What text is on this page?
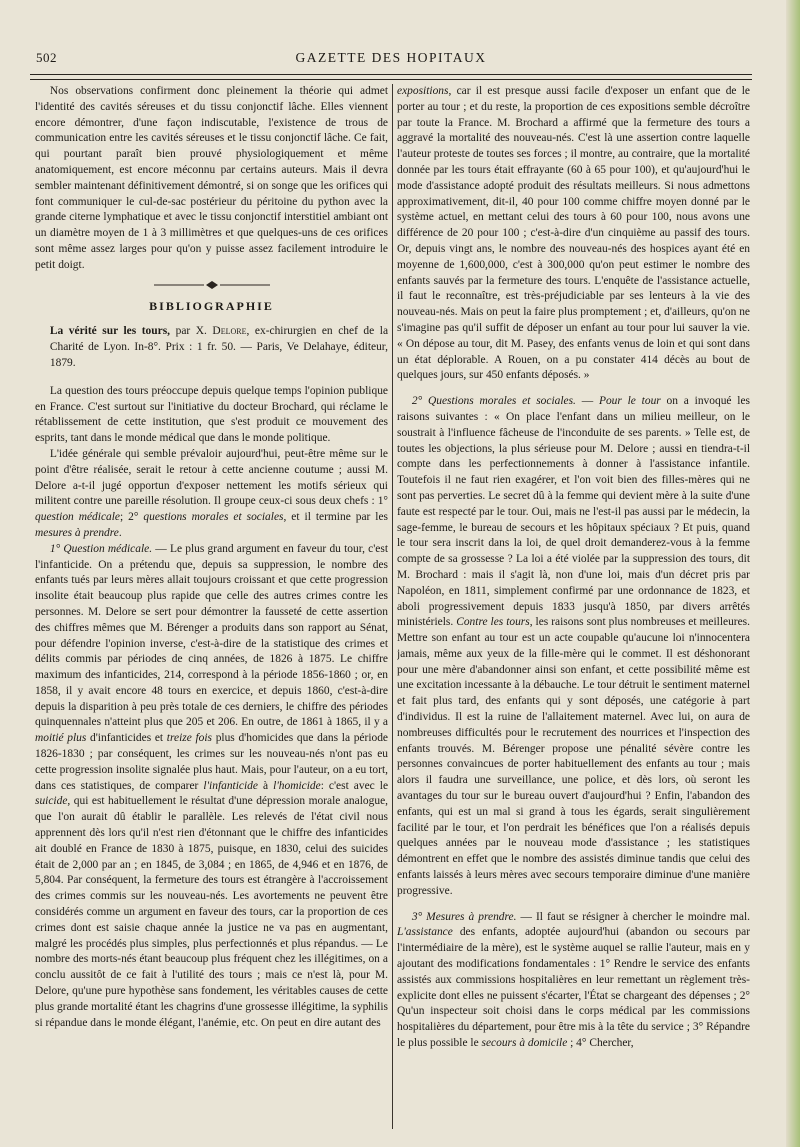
502	GAZETTE DES HOPITAUX

Nos observations confirment donc pleinement la théorie qui admet l'identité des cavités séreuses et du tissu conjonctif lâche. Elles viennent encore démontrer, d'une façon indiscutable, l'existence de trous de communication entre les cavités séreuses et le tissu conjonctif lâche. Ce fait, qui pourtant paraît bien prouvé physiologiquement et même anatomiquement, est encore méconnu par certains auteurs. Mais il devra sembler maintenant définitivement démontré, si on songe que les orifices qui font communiquer le cul-de-sac postérieur du péritoine du python avec la grande citerne lymphatique et avec le tissu conjonctif interstitiel ambiant ont un diamètre moyen de 1 à 3 millimètres et que quelques-uns de ces orifices sont même assez larges pour qu'on y puisse assez facilement introduire le petit doigt.

BIBLIOGRAPHIE

La vérité sur les tours, par X. Delore, ex-chirurgien en chef de la Charité de Lyon. In-8°. Prix : 1 fr. 50. — Paris, Ve Delahaye, éditeur, 1879.

La question des tours préoccupe depuis quelque temps l'opinion publique en France. C'est surtout sur l'initiative du docteur Brochard, qui réclame le rétablissement de cette institution, que s'est produit ce mouvement des esprits, tant dans le monde médical que dans le monde politique.

L'idée générale qui semble prévaloir aujourd'hui, peut-être même sur le point d'être réalisée, serait le retour à cette ancienne coutume ; aussi M. Delore a-t-il jugé opportun d'exposer nettement les motifs sérieux qui militent contre une pareille résolution. Il groupe ceux-ci sous deux chefs : 1° question médicale; 2° questions morales et sociales, et il termine par les mesures à prendre.

1° Question médicale. — Le plus grand argument en faveur du tour, c'est l'infanticide. On a prétendu que, depuis sa suppression, le nombre des enfants tués par leurs mères allait toujours croissant et que cette progression insolite était beaucoup plus rapide que celle des autres crimes contre les personnes. M. Delore se sert pour démontrer la fausseté de cette assertion des chiffres mêmes que M. Bérenger a produits dans son rapport au Sénat, pour défendre l'opinion inverse, c'est-à-dire de la statistique des crimes et délits commis par périodes de cinq années, de 1826 à 1875. Le chiffre maximum des infanticides, 214, correspond à la période 1856-1860 ; or, en 1858, il y avait encore 48 tours en exercice, et depuis 1860, c'est-à-dire depuis la disparition à peu près totale de ces derniers, le chiffre des périodes quinquennales n'atteint plus que 205 et 206. En outre, de 1861 à 1865, il y a moitié plus d'infanticides et treize fois plus d'homicides que dans la période 1826-1830 ; par conséquent, les crimes sur les nouveau-nés n'ont pas eu cette progression insolite signalée plus haut. Mais, pour l'auteur, on a eu tort, dans ces statistiques, de comparer l'infanticide à l'homicide: c'est avec le suicide, qui est habituellement le résultat d'une dépression morale analogue, que l'on aurait dû établir le parallèle. Les relevés de l'état civil nous apprennent dès lors qu'il n'est rien d'étonnant que le chiffre des infanticides ait doublé en France de 1830 à 1875, puisque, en 1830, celui des suicides était de 2,000 par an ; en 1845, de 3,084 ; en 1865, de 4,946 et en 1876, de 5,804. Par conséquent, la fermeture des tours est étrangère à l'accroissement des crimes commis sur les nouveau-nés. Les avortements ne peuvent être considérés comme un argument en faveur des tours, car la proportion de ces crimes dont est saisie chaque année la justice ne va pas en augmentant, malgré les procédés plus simples, plus perfectionnés et plus répandus. — Le nombre des morts-nés étant beaucoup plus fréquent chez les illégitimes, on a conclu aussitôt de ce fait à l'utilité des tours ; mais ce n'est là, pour M. Delore, qu'une pure hypothèse sans fondement, les véritables causes de cette plus grande mortalité étant les chagrins d'une grossesse illégitime, la syphilis si répandue dans le monde élégant, l'anémie, etc. On peut en dire autant des

expositions, car il est presque aussi facile d'exposer un enfant que de le porter au tour ; et du reste, la proportion de ces expositions semble décroître par toute la France. M. Brochard a affirmé que la fermeture des tours a aggravé la mortalité des nouveau-nés. C'est là une assertion contre laquelle l'auteur proteste de toutes ses forces ; il montre, au contraire, que la mortalité donnée par les tours était effrayante (60 à 65 pour 100), et qu'aujourd'hui le mode d'assistance adopté produit des résultats meilleurs. Si nous admettons approximativement, dit-il, 40 pour 100 comme chiffre moyen donné par le système actuel, en mettant celui des tours à 60 pour 100, nous avons une différence de 20 pour 100 ; c'est-à-dire d'un cinquième au passif des tours. Or, depuis vingt ans, le nombre des nouveau-nés des hospices ayant été en moyenne de 1,600,000, c'est à 300,000 qu'on peut estimer le nombre des enfants sauvés par la fermeture des tours. L'enquête de l'assistance actuelle, il faut le reconnaître, est très-préjudiciable par ses lenteurs à la vie des nouveau-nés. Mais on peut la faire plus promptement ; et, d'ailleurs, qu'on ne s'imagine pas qu'il suffit de déposer un enfant au tour pour lui sauver la vie. « On dépose au tour, dit M. Pasey, des enfants venus de loin et qui sont dans un état déplorable. A Rouen, on a pu constater 414 décès au bout de quelques jours, sur 450 enfants déposés. »

2° Questions morales et sociales. — Pour le tour on a invoqué les raisons suivantes : « On place l'enfant dans un milieu meilleur, on le soustrait à l'influence fâcheuse de l'inconduite de ses parents. » Telle est, de toutes les objections, la plus sérieuse pour M. Delore ; aussi en tiendra-t-il compte dans les perfectionnements à donner à l'assistance infantile. Toutefois il ne faut rien exagérer, et l'on voit bien des filles-mères qui ne sont pas perverties. Le secret dû à la femme qui devient mère à la suite d'une faute est respecté par le tour. Oui, mais ne l'est-il pas aussi par le médecin, la sage-femme, le bureau de secours et les hôpitaux spéciaux ? Et puis, quand le tour sera inscrit dans la loi, de quel droit demanderez-vous à la femme compte de sa grossesse ? La loi a été violée par la suppression des tours, dit M. Brochard : mais il s'agit là, non d'une loi, mais d'un décret pris par Napoléon, en 1811, simplement confirmé par une ordonnance de 1823, et aboli progressivement depuis 1833 jusqu'à 1850, par divers arrêtés ministériels. Contre les tours, les raisons sont plus nombreuses et meilleures. Mettre son enfant au tour est un acte coupable qu'aucune loi n'innocentera jamais, même aux yeux de la fille-mère qui le commet. Il est déshonorant pour une mère d'abandonner ainsi son enfant, et cette possibilité même est une excitation incessante à la débauche. Le tour détruit le sentiment maternel et fait plus tard, des enfants qui y sont déposés, une catégorie à part d'individus. Il est la ruine de l'allaitement maternel. Avec lui, on aura de nombreuses difficultés pour le recrutement des nourrices et l'inspection des enfants trouvés. M. Bérenger propose une pénalité sévère contre les personnes convaincues de porter habituellement des enfants au tour ; mais alors il faudra une surveillance, une police, et dès lors, où seront les avantages du tour sur le bureau ouvert d'aujourd'hui ? Enfin, l'abandon des enfants, qui est un mal si grand à tous les égards, serait singulièrement facilité par le tour, et l'on perdrait les bénéfices que l'on a réalisés depuis quelques années par le nouveau mode d'assistance ; les statistiques démontrent en effet que le nombre des assistés diminue tandis que celui des enfants laissés à leurs mères avec secours temporaire diminue d'une manière progressive.

3° Mesures à prendre. — Il faut se résigner à chercher le moindre mal. L'assistance des enfants, adoptée aujourd'hui (abandon ou secours par l'intermédiaire de la mère), est le système auquel se rallie l'auteur, mais en y ajoutant des modifications fondamentales : 1° Rendre le service des enfants assistés aux commissions hospitalières en leur remettant un règlement très-explicite dont elles ne puissent s'écarter, l'État se chargeant des dépenses ; 2° Qu'un inspecteur soit choisi dans le corps médical par les commissions hospitalières du département, pour être mis à la tête du service ; 3° Répandre le plus possible le secours à domicile ; 4° Chercher,
